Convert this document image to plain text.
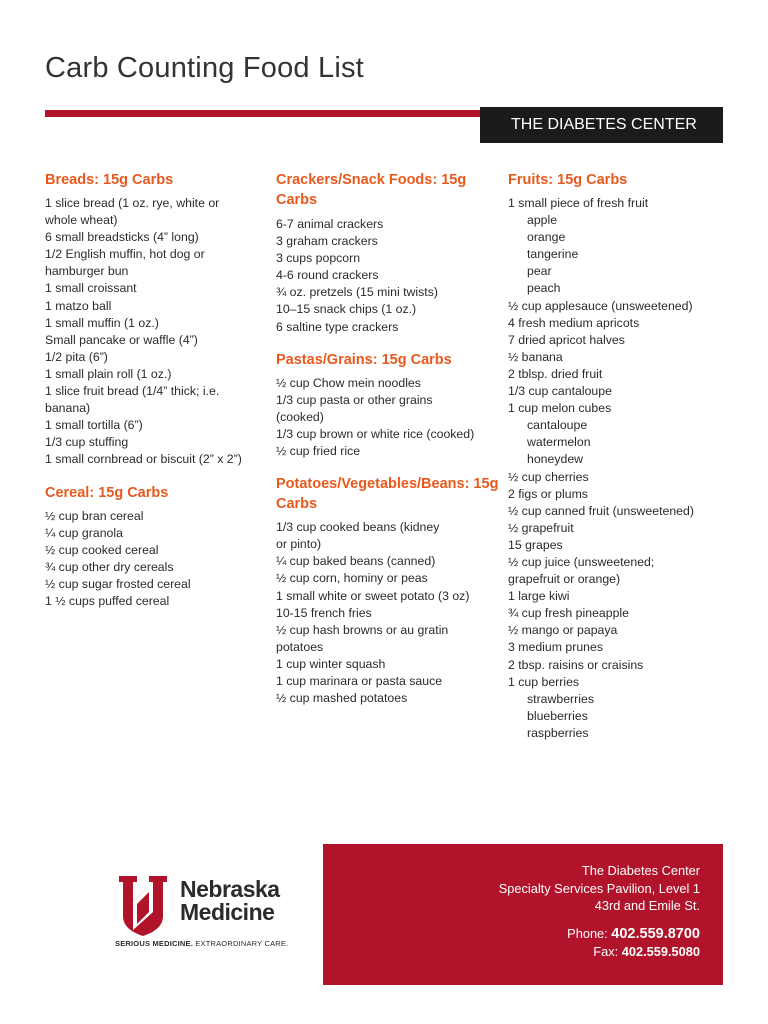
Carb Counting Food List
THE DIABETES CENTER
Breads: 15g Carbs
1 slice bread (1 oz. rye, white or
whole wheat)
6 small breadsticks (4” long)
1/2 English muffin, hot dog or
hamburger bun
1 small croissant
1 matzo ball
1 small muffin (1 oz.)
Small pancake or waffle (4”)
1/2 pita (6”)
1 small plain roll (1 oz.)
1 slice fruit bread (1/4” thick; i.e.
banana)
1 small tortilla (6”)
1/3 cup stuffing
1 small cornbread or biscuit (2” x 2”)
Cereal: 15g Carbs
½ cup bran cereal
¼ cup granola
½ cup cooked cereal
¾ cup other dry cereals
½ cup sugar frosted cereal
1 ½ cups puffed cereal
Crackers/Snack Foods: 15g Carbs
6-7 animal crackers
3 graham crackers
3 cups popcorn
4-6 round crackers
¾ oz. pretzels (15 mini twists)
10–15 snack chips (1 oz.)
6 saltine type crackers
Pastas/Grains: 15g Carbs
½ cup Chow mein noodles
1/3 cup pasta or other grains
(cooked)
1/3 cup brown or white rice (cooked)
½ cup fried rice
Potatoes/Vegetables/Beans: 15g Carbs
1/3 cup cooked beans (kidney
or pinto)
¼ cup baked beans (canned)
½ cup corn, hominy or peas
1 small white or sweet potato (3 oz)
10-15 french fries
½ cup hash browns or au gratin
potatoes
1 cup winter squash
1 cup marinara or pasta sauce
½ cup mashed potatoes
Fruits: 15g Carbs
1 small piece of fresh fruit
apple
orange
tangerine
pear
peach
½ cup applesauce (unsweetened)
4 fresh medium apricots
7 dried apricot halves
½ banana
2 tblsp. dried fruit
1/3 cup cantaloupe
1 cup melon cubes
cantaloupe
watermelon
honeydew
½ cup cherries
2 figs or plums
½ cup canned fruit (unsweetened)
½ grapefruit
15 grapes
½ cup juice (unsweetened;
grapefruit or orange)
1 large kiwi
¾ cup fresh pineapple
½ mango or papaya
3 medium prunes
2 tbsp. raisins or craisins
1 cup berries
strawberries
blueberries
raspberries
Nebraska
Medicine
SERIOUS MEDICINE. EXTRAORDINARY CARE.
The Diabetes Center
Specialty Services Pavilion, Level 1
43rd and Emile St.
Phone: 402.559.8700
Fax: 402.559.5080
